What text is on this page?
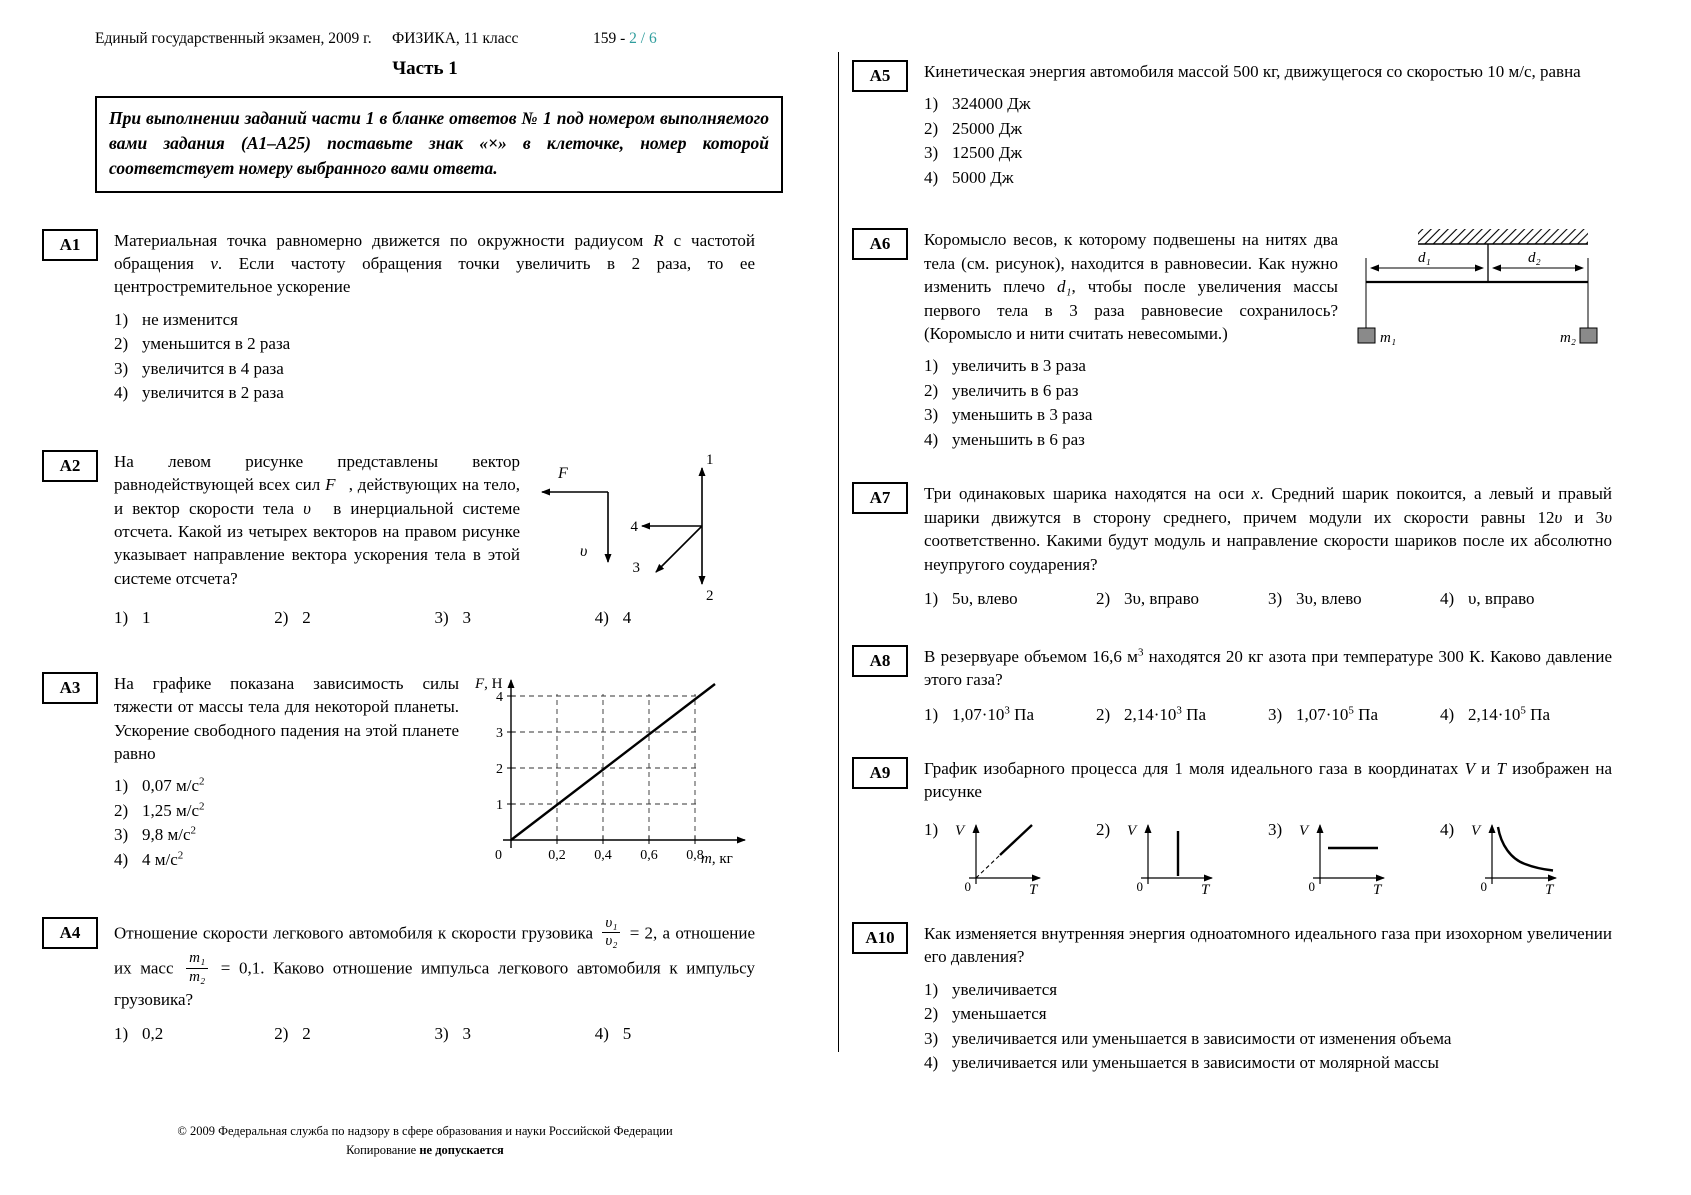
Единый государственный экзамен, 2009 г. ФИЗИКА, 11 класс	159 - 2 / 6
Часть 1
При выполнении заданий части 1 в бланке ответов № 1 под номером выполняемого вами задания (А1–А25) поставьте знак «×» в клеточке, номер которой соответствует номеру выбранного вами ответа.
А1	Материальная точка равномерно движется по окружности радиусом R с частотой обращения ν. Если частоту обращения точки увеличить в 2 раза, то ее центростремительное ускорение
1) не изменится
2) уменьшится в 2 раза
3) увеличится в 4 раза
4) увеличится в 2 раза
А2	F⃗
υ⃗
1
2
3
4
На левом рисунке представлены вектор равнодействующей всех сил F⃗, действующих на тело, и вектор скорости тела υ⃗ в инерциальной системе отсчета. Какой из четырех векторов на правом рисунке указывает направление вектора ускорения тела в этой системе отсчета?
1) 1	2) 2	3) 3	4) 4
А3	На графике показана зависимость силы тяжести от массы тела для некоторой планеты. Ускорение свободного падения на этой планете равно
1) 0,07 $м/с^2$
2) 1,25 $м/с^2$
3) 9,8 $м/с^2$
4) 4 $м/с^2$
F, Н
m, кг
1
2
3
4
0	0,2 0,4 0,6 0,8
А4	Отношение скорости легкового автомобиля к скорости грузовика $\frac{\text{υ₁}}{\text{υ₂}} = 2$, а отношение их масс $\frac{\text{m₁}}{\text{m₂}} = 0,1$. Каково отношение импульса легкового автомобиля к импульсу грузовика?
1) 0,2	2) 2	3) 3	4) 5
А5	Кинетическая энергия автомобиля массой 500 кг, движущегося со скоростью 10 м/с, равна
1) 324000 Дж
2) 25000 Дж
3) 12500 Дж
4) 5000 Дж
А6
d₁	d₂
m₁	m₂
Коромысло весов, к которому подвешены на нитях два тела (см. рисунок), находится в равновесии. Как нужно изменить плечо d₁, чтобы после увеличения массы первого тела в 3 раза равновесие сохранилось? (Коромысло и нити считать невесомыми.)
1) увеличить в 3 раза
2) увеличить в 6 раз
3) уменьшить в 3 раза
4) уменьшить в 6 раз
А7	Три одинаковых шарика находятся на оси x. Средний шарик покоится, а левый и правый шарики движутся в сторону среднего, причем модули их скорости равны 12υ и 3υ соответственно. Какими будут модуль и направление скорости шариков после их абсолютно неупругого соударения?
1) 5υ, влево	2) 3υ, вправо	3) 3υ, влево	4) υ, вправо
А8	В резервуаре объемом 16,6 $м^3$ находятся 20 кг азота при температуре 300 К. Каково давление этого газа?
1) $1,07\cdot 10^3$ Па	2) $2,14\cdot 10^3$ Па	3) $1,07\cdot 10^5$ Па	4) $2,14\cdot 10^5$ Па
А9	График изобарного процесса для 1 моля идеального газа в координатах V и T изображен на рисунке
1)	V
T
0
2)	V
T
0
3)	V
T
0
4)	V
T
0
А10	Как изменяется внутренняя энергия одноатомного идеального газа при изохорном увеличении его давления?
1) увеличивается
2) уменьшается
3) увеличивается или уменьшается в зависимости от изменения объема
4) увеличивается или уменьшается в зависимости от молярной массы
© 2009 Федеральная служба по надзору в сфере образования и науки Российской Федерации
Копирование не допускается
